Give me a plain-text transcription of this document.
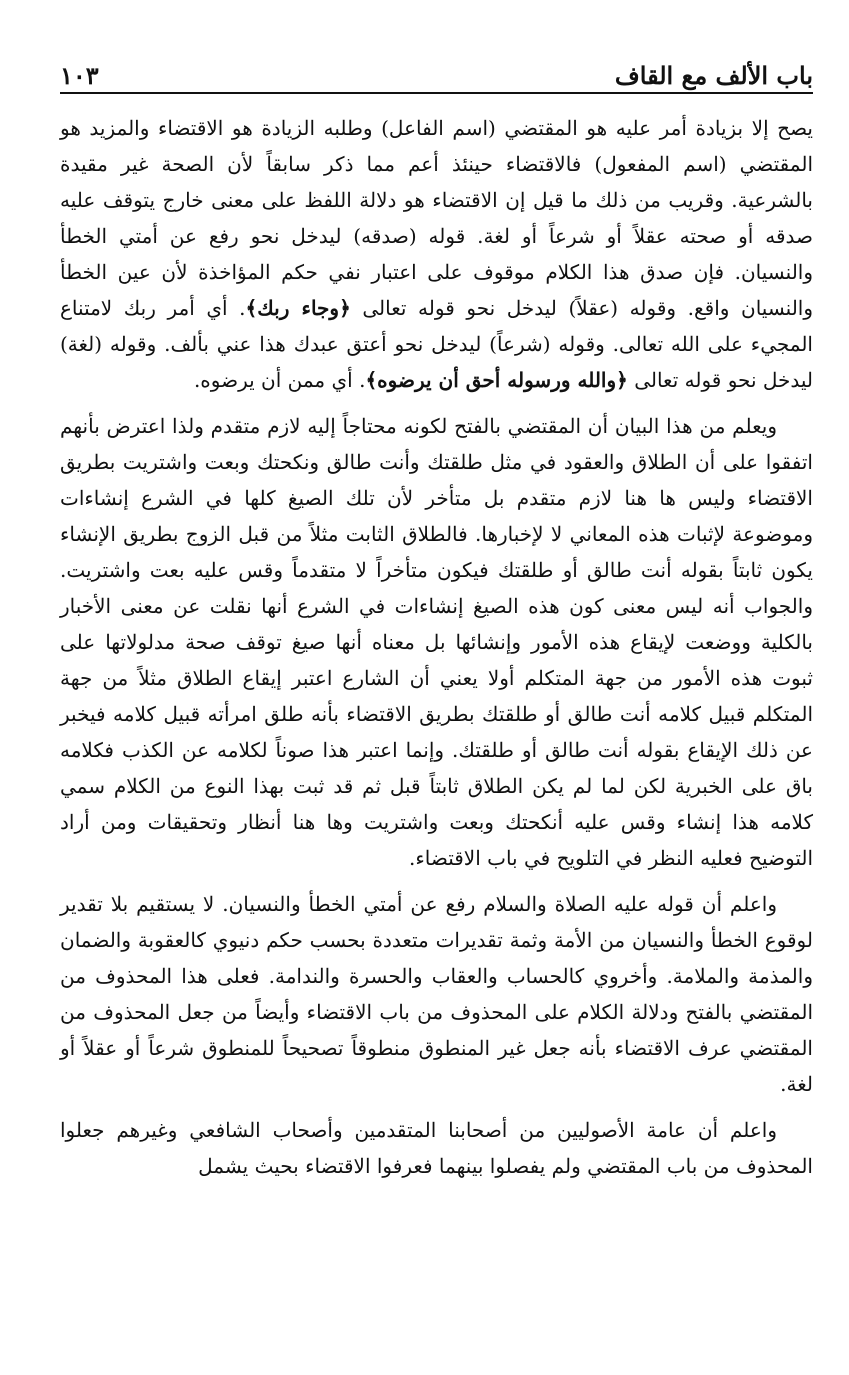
باب الألف مع القاف
١٠٣

يصح إلا بزيادة أمر عليه هو المقتضي (اسم الفاعل) وطلبه الزيادة هو الاقتضاء والمزيد هو المقتضي (اسم المفعول) فالاقتضاء حينئذ أعم مما ذكر سابقاً لأن الصحة غير مقيدة بالشرعية. وقريب من ذلك ما قيل إن الاقتضاء هو دلالة اللفظ على معنى خارج يتوقف عليه صدقه أو صحته عقلاً أو شرعاً أو لغة. قوله (صدقه) ليدخل نحو رفع عن أمتي الخطأ والنسيان. فإن صدق هذا الكلام موقوف على اعتبار نفي حكم المؤاخذة لأن عين الخطأ والنسيان واقع. وقوله (عقلاً) ليدخل نحو قوله تعالى ﴿وجاء ربك﴾. أي أمر ربك لامتناع المجيء على الله تعالى. وقوله (شرعاً) ليدخل نحو أعتق عبدك هذا عني بألف. وقوله (لغة) ليدخل نحو قوله تعالى ﴿والله ورسوله أحق أن يرضوه﴾. أي ممن أن يرضوه.

ويعلم من هذا البيان أن المقتضي بالفتح لكونه محتاجاً إليه لازم متقدم ولذا اعترض بأنهم اتفقوا على أن الطلاق والعقود في مثل طلقتك وأنت طالق ونكحتك وبعت واشتريت بطريق الاقتضاء وليس ها هنا لازم متقدم بل متأخر لأن تلك الصيغ كلها في الشرع إنشاءات وموضوعة لإثبات هذه المعاني لا لإخبارها. فالطلاق الثابت مثلاً من قبل الزوج بطريق الإنشاء يكون ثابتاً بقوله أنت طالق أو طلقتك فيكون متأخراً لا متقدماً وقس عليه بعت واشتريت. والجواب أنه ليس معنى كون هذه الصيغ إنشاءات في الشرع أنها نقلت عن معنى الأخبار بالكلية ووضعت لإيقاع هذه الأمور وإنشائها بل معناه أنها صيغ توقف صحة مدلولاتها على ثبوت هذه الأمور من جهة المتكلم أولا يعني أن الشارع اعتبر إيقاع الطلاق مثلاً من جهة المتكلم قبيل كلامه أنت طالق أو طلقتك بطريق الاقتضاء بأنه طلق امرأته قبيل كلامه فيخبر عن ذلك الإيقاع بقوله أنت طالق أو طلقتك. وإنما اعتبر هذا صوناً لكلامه عن الكذب فكلامه باق على الخبرية لكن لما لم يكن الطلاق ثابتاً قبل ثم قد ثبت بهذا النوع من الكلام سمي كلامه هذا إنشاء وقس عليه أنكحتك وبعت واشتريت وها هنا أنظار وتحقيقات ومن أراد التوضيح فعليه النظر في التلويح في باب الاقتضاء.

واعلم أن قوله عليه الصلاة والسلام رفع عن أمتي الخطأ والنسيان. لا يستقيم بلا تقدير لوقوع الخطأ والنسيان من الأمة وثمة تقديرات متعددة بحسب حكم دنيوي كالعقوبة والضمان والمذمة والملامة. وأخروي كالحساب والعقاب والحسرة والندامة. فعلى هذا المحذوف من المقتضي بالفتح ودلالة الكلام على المحذوف من باب الاقتضاء وأيضاً من جعل المحذوف من المقتضي عرف الاقتضاء بأنه جعل غير المنطوق منطوقاً تصحيحاً للمنطوق شرعاً أو عقلاً أو لغة.

واعلم أن عامة الأصوليين من أصحابنا المتقدمين وأصحاب الشافعي وغيرهم جعلوا المحذوف من باب المقتضي ولم يفصلوا بينهما فعرفوا الاقتضاء بحيث يشمل
